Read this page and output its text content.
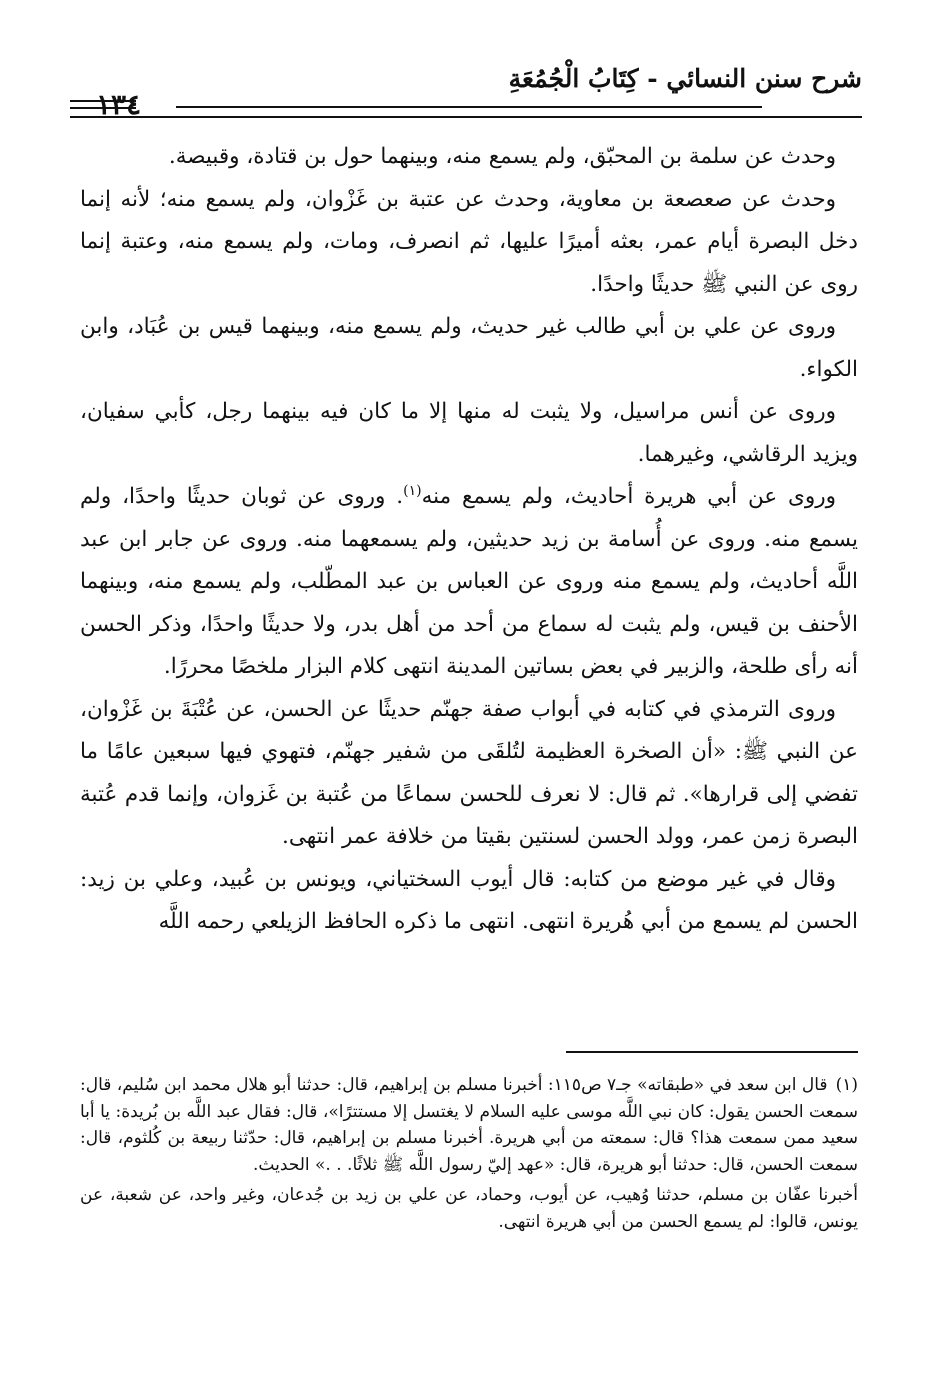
شرح سنن النسائي - كِتَابُ الْجُمُعَةِ
١٣٤

وحدث عن سلمة بن المحبّق، ولم يسمع منه، وبينهما حول بن قتادة، وقبيصة.

وحدث عن صعصعة بن معاوية، وحدث عن عتبة بن غَزْوان، ولم يسمع منه؛ لأنه إنما دخل البصرة أيام عمر، بعثه أميرًا عليها، ثم انصرف، ومات، ولم يسمع منه، وعتبة إنما روى عن النبي ﷺ حديثًا واحدًا.

وروى عن علي بن أبي طالب غير حديث، ولم يسمع منه، وبينهما قيس بن عُبَاد، وابن الكواء.

وروى عن أنس مراسيل، ولا يثبت له منها إلا ما كان فيه بينهما رجل، كأبي سفيان، ويزيد الرقاشي، وغيرهما.

وروى عن أبي هريرة أحاديث، ولم يسمع منه$^{(١)}$. وروى عن ثوبان حديثًا واحدًا، ولم يسمع منه. وروى عن أُسامة بن زيد حديثين، ولم يسمعهما منه. وروى عن جابر ابن عبد اللَّه أحاديث، ولم يسمع منه وروى عن العباس بن عبد المطّلب، ولم يسمع منه، وبينهما الأحنف بن قيس، ولم يثبت له سماع من أحد من أهل بدر، ولا حديثًا واحدًا، وذكر الحسن أنه رأى طلحة، والزبير في بعض بساتين المدينة انتهى كلام البزار ملخصًا محررًا.

وروى الترمذي في كتابه في أبواب صفة جهنّم حديثًا عن الحسن، عن عُتْبَةَ بن غَزْوان، عن النبي ﷺ: «أن الصخرة العظيمة لتُلقَى من شفير جهنّم، فتهوي فيها سبعين عامًا ما تفضي إلى قرارها». ثم قال: لا نعرف للحسن سماعًا من عُتبة بن غَزوان، وإنما قدم عُتبة البصرة زمن عمر، وولد الحسن لسنتين بقيتا من خلافة عمر انتهى.

وقال في غير موضع من كتابه: قال أيوب السختياني، ويونس بن عُبيد، وعلي بن زيد: الحسن لم يسمع من أبي هُريرة انتهى. انتهى ما ذكره الحافظ الزيلعي رحمه اللَّه

(١)قال ابن سعد في «طبقاته» جـ٧ ص١١٥: أخبرنا مسلم بن إبراهيم، قال: حدثنا أبو هلال محمد ابن سُليم، قال: سمعت الحسن يقول: كان نبي اللَّه موسى عليه السلام لا يغتسل إلا مستترًا»، قال: فقال عبد اللَّه بن بُريدة: يا أبا سعيد ممن سمعت هذا؟ قال: سمعته من أبي هريرة. أخبرنا مسلم بن إبراهيم، قال: حدّثنا ربيعة بن كُلثوم، قال: سمعت الحسن، قال: حدثنا أبو هريرة، قال: «عهد إليّ رسول اللَّه ﷺ ثلاثًا. . .» الحديث.

أخبرنا عفّان بن مسلم، حدثنا وُهيب، عن أيوب، وحماد، عن علي بن زيد بن جُدعان، وغير واحد، عن شعبة، عن يونس، قالوا: لم يسمع الحسن من أبي هريرة انتهى.
